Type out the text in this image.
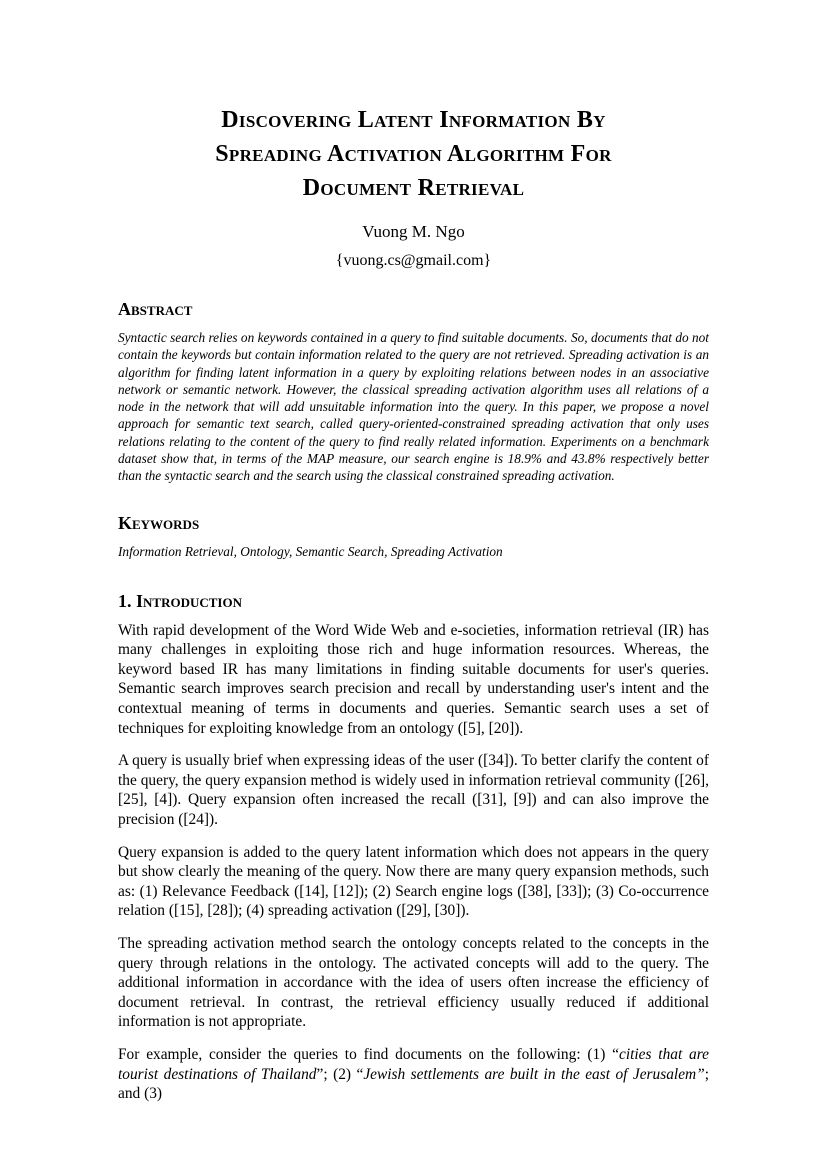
Discovering Latent Information By
Spreading Activation Algorithm For
Document Retrieval
Vuong M. Ngo
{vuong.cs@gmail.com}
Abstract

Syntactic search relies on keywords contained in a query to find suitable documents. So, documents that do not contain the keywords but contain information related to the query are not retrieved. Spreading activation is an algorithm for finding latent information in a query by exploiting relations between nodes in an associative network or semantic network. However, the classical spreading activation algorithm uses all relations of a node in the network that will add unsuitable information into the query. In this paper, we propose a novel approach for semantic text search, called query-oriented-constrained spreading activation that only uses relations relating to the content of the query to find really related information. Experiments on a benchmark dataset show that, in terms of the MAP measure, our search engine is 18.9% and 43.8% respectively better than the syntactic search and the search using the classical constrained spreading activation.

Keywords

Information Retrieval, Ontology, Semantic Search, Spreading Activation

1. Introduction

With rapid development of the Word Wide Web and e-societies, information retrieval (IR) has many challenges in exploiting those rich and huge information resources. Whereas, the keyword based IR has many limitations in finding suitable documents for user's queries. Semantic search improves search precision and recall by understanding user's intent and the contextual meaning of terms in documents and queries. Semantic search uses a set of techniques for exploiting knowledge from an ontology ([5], [20]).

A query is usually brief when expressing ideas of the user ([34]). To better clarify the content of the query, the query expansion method is widely used in information retrieval community ([26], [25], [4]). Query expansion often increased the recall ([31], [9]) and can also improve the precision ([24]).

Query expansion is added to the query latent information which does not appears in the query but show clearly the meaning of the query. Now there are many query expansion methods, such as: (1) Relevance Feedback ([14], [12]); (2) Search engine logs ([38], [33]); (3) Co-occurrence relation ([15], [28]); (4) spreading activation ([29], [30]).

The spreading activation method search the ontology concepts related to the concepts in the query through relations in the ontology. The activated concepts will add to the query. The additional information in accordance with the idea of users often increase the efficiency of document retrieval. In contrast, the retrieval efficiency usually reduced if additional information is not appropriate.

For example, consider the queries to find documents on the following: (1) “cities that are tourist destinations of Thailand”; (2) “Jewish settlements are built in the east of Jerusalem”; and (3)
